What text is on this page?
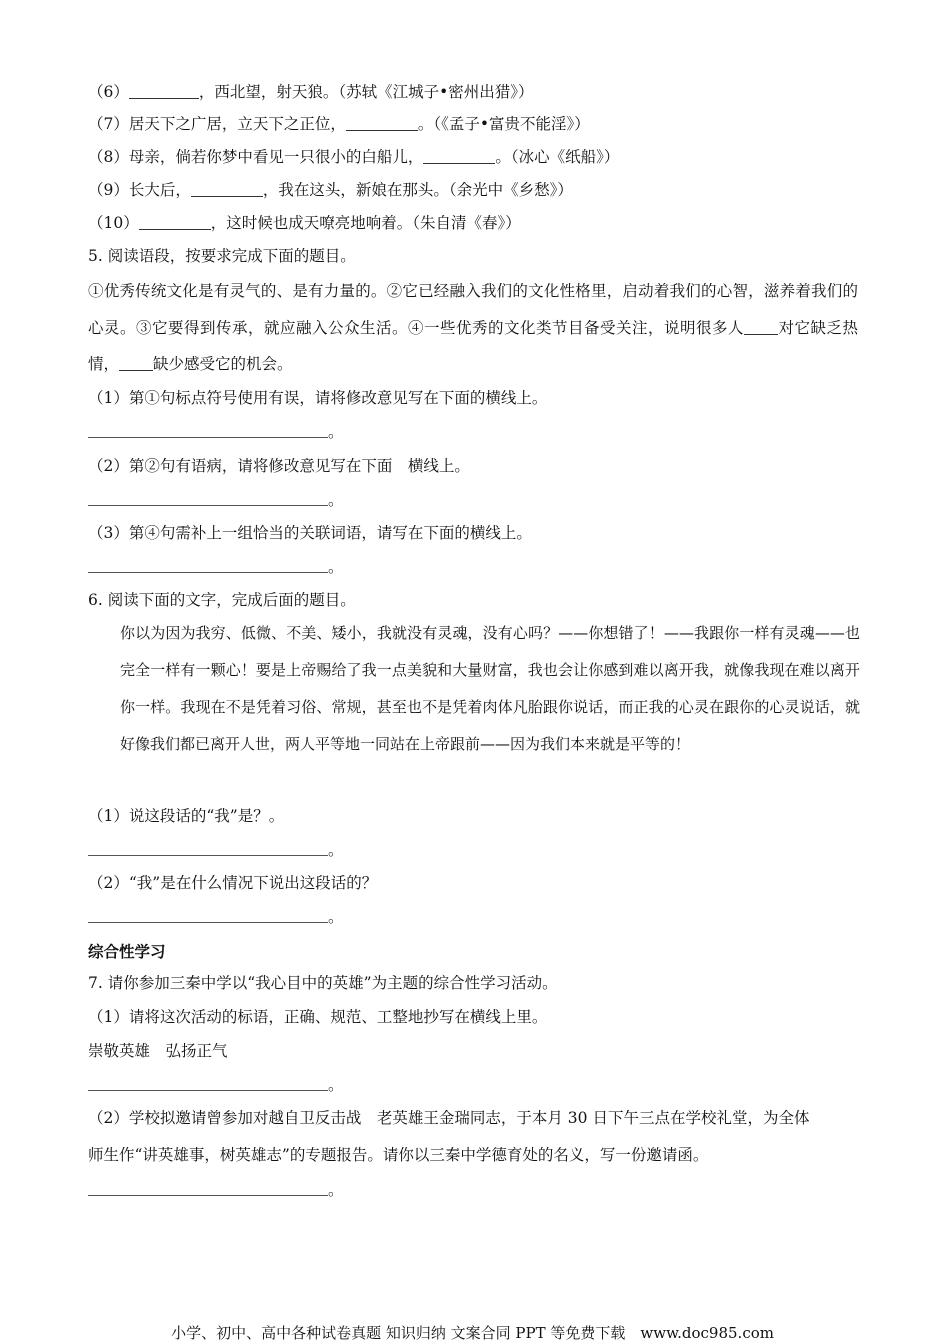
（6）	，西北望，射天狼。（苏轼《江城子•密州出猎》）
（7）居天下之广居，立天下之正位，	。（《孟子•富贵不能淫》）
（8）母亲，倘若你梦中看见一只很小的白船儿，	。（冰心《纸船》）
（9）长大后，	，我在这头，新娘在那头。（余光中《乡愁》）
（10）	，这时候也成天嘹亮地响着。（朱自清《春》）
5. 阅读语段，按要求完成下面的题目。
①优秀传统文化是有灵气的、是有力量的。②它已经融入我们的文化性格里，启动着我们的心智，滋养着我们的心灵。③它要得到传承，就应融入公众生活。④一些优秀的文化类节目备受关注，说明很多人 对它缺乏热情， 缺少感受它的机会。
（1）第①句标点符号使用有误，请将修改意见写在下面的横线上。
。
（2）第②句有语病，请将修改意见写在下面　横线上。
。
（3）第④句需补上一组恰当的关联词语，请写在下面的横线上。
。
6. 阅读下面的文字，完成后面的题目。
你以为因为我穷、低微、不美、矮小，我就没有灵魂，没有心吗？——你想错了！——我跟你一样有灵魂——也完全一样有一颗心！要是上帝赐给了我一点美貌和大量财富，我也会让你感到难以离开我，就像我现在难以离开你一样。我现在不是凭着习俗、常规，甚至也不是凭着肉体凡胎跟你说话，而正我的心灵在跟你的心灵说话，就好像我们都已离开人世，两人平等地一同站在上帝跟前——因为我们本来就是平等的！
（1）说这段话的“我”是？。
。
（2）“我”是在什么情况下说出这段话的？
。
综合性学习
7. 请你参加三秦中学以“我心目中的英雄”为主题的综合性学习活动。
（1）请将这次活动的标语，正确、规范、工整地抄写在横线上里。
崇敬英雄　弘扬正气
。
（2）学校拟邀请曾参加对越自卫反击战　老英雄王金瑞同志，于本月 30 日下午三点在学校礼堂，为全体
师生作“讲英雄事，树英雄志”的专题报告。请你以三秦中学德育处的名义，写一份邀请函。
。
小学、初中、高中各种试卷真题 知识归纳 文案合同 PPT 等免费下载　www.doc985.com
